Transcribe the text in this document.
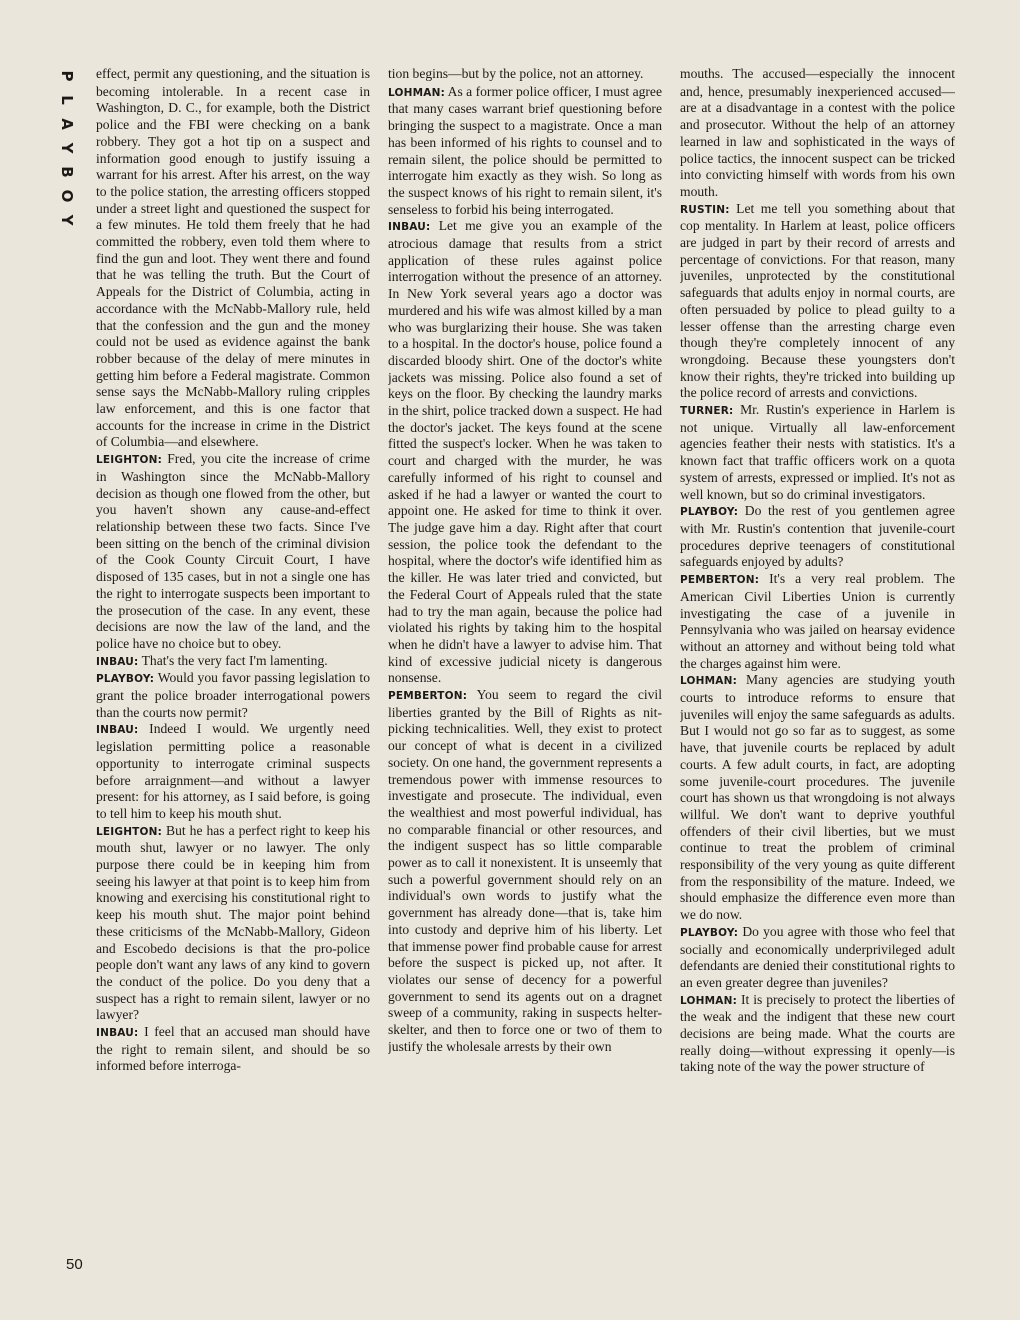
P
L
A
Y
B
O
Y

effect, permit any questioning, and the situation is becoming intolerable. In a recent case in Washington, D. C., for example, both the District police and the FBI were checking on a bank robbery. They got a hot tip on a suspect and information good enough to justify issuing a warrant for his arrest. After his arrest, on the way to the police station, the arresting officers stopped under a street light and questioned the suspect for a few minutes. He told them freely that he had committed the robbery, even told them where to find the gun and loot. They went there and found that he was telling the truth. But the Court of Appeals for the District of Columbia, acting in accordance with the McNabb-Mallory rule, held that the confession and the gun and the money could not be used as evidence against the bank robber because of the delay of mere minutes in getting him before a Federal magistrate. Common sense says the McNabb-Mallory ruling cripples law enforcement, and this is one factor that accounts for the increase in crime in the District of Columbia—and elsewhere.

LEIGHTON: Fred, you cite the increase of crime in Washington since the McNabb-Mallory decision as though one flowed from the other, but you haven't shown any cause-and-effect relationship between these two facts. Since I've been sitting on the bench of the criminal division of the Cook County Circuit Court, I have disposed of 135 cases, but in not a single one has the right to interrogate suspects been important to the prosecution of the case. In any event, these decisions are now the law of the land, and the police have no choice but to obey.

INBAU: That's the very fact I'm lamenting.

PLAYBOY: Would you favor passing legislation to grant the police broader interrogational powers than the courts now permit?

INBAU: Indeed I would. We urgently need legislation permitting police a reasonable opportunity to interrogate criminal suspects before arraignment—and without a lawyer present: for his attorney, as I said before, is going to tell him to keep his mouth shut.

LEIGHTON: But he has a perfect right to keep his mouth shut, lawyer or no lawyer. The only purpose there could be in keeping him from seeing his lawyer at that point is to keep him from knowing and exercising his constitutional right to keep his mouth shut. The major point behind these criticisms of the McNabb-Mallory, Gideon and Escobedo decisions is that the pro-police people don't want any laws of any kind to govern the conduct of the police. Do you deny that a suspect has a right to remain silent, lawyer or no lawyer?

INBAU: I feel that an accused man should have the right to remain silent, and should be so informed before interroga-

tion begins—but by the police, not an attorney.

LOHMAN: As a former police officer, I must agree that many cases warrant brief questioning before bringing the suspect to a magistrate. Once a man has been informed of his rights to counsel and to remain silent, the police should be permitted to interrogate him exactly as they wish. So long as the suspect knows of his right to remain silent, it's senseless to forbid his being interrogated.

INBAU: Let me give you an example of the atrocious damage that results from a strict application of these rules against police interrogation without the presence of an attorney. In New York several years ago a doctor was murdered and his wife was almost killed by a man who was burglarizing their house. She was taken to a hospital. In the doctor's house, police found a discarded bloody shirt. One of the doctor's white jackets was missing. Police also found a set of keys on the floor. By checking the laundry marks in the shirt, police tracked down a suspect. He had the doctor's jacket. The keys found at the scene fitted the suspect's locker. When he was taken to court and charged with the murder, he was carefully informed of his right to counsel and asked if he had a lawyer or wanted the court to appoint one. He asked for time to think it over. The judge gave him a day. Right after that court session, the police took the defendant to the hospital, where the doctor's wife identified him as the killer. He was later tried and convicted, but the Federal Court of Appeals ruled that the state had to try the man again, because the police had violated his rights by taking him to the hospital when he didn't have a lawyer to advise him. That kind of excessive judicial nicety is dangerous nonsense.

PEMBERTON: You seem to regard the civil liberties granted by the Bill of Rights as nit-picking technicalities. Well, they exist to protect our concept of what is decent in a civilized society. On one hand, the government represents a tremendous power with immense resources to investigate and prosecute. The individual, even the wealthiest and most powerful individual, has no comparable financial or other resources, and the indigent suspect has so little comparable power as to call it nonexistent. It is unseemly that such a powerful government should rely on an individual's own words to justify what the government has already done—that is, take him into custody and deprive him of his liberty. Let that immense power find probable cause for arrest before the suspect is picked up, not after. It violates our sense of decency for a powerful government to send its agents out on a dragnet sweep of a community, raking in suspects helter-skelter, and then to force one or two of them to justify the wholesale arrests by their own

mouths. The accused—especially the innocent and, hence, presumably inexperienced accused—are at a disadvantage in a contest with the police and prosecutor. Without the help of an attorney learned in law and sophisticated in the ways of police tactics, the innocent suspect can be tricked into convicting himself with words from his own mouth.

RUSTIN: Let me tell you something about that cop mentality. In Harlem at least, police officers are judged in part by their record of arrests and percentage of convictions. For that reason, many juveniles, unprotected by the constitutional safeguards that adults enjoy in normal courts, are often persuaded by police to plead guilty to a lesser offense than the arresting charge even though they're completely innocent of any wrongdoing. Because these youngsters don't know their rights, they're tricked into building up the police record of arrests and convictions.

TURNER: Mr. Rustin's experience in Harlem is not unique. Virtually all law-enforcement agencies feather their nests with statistics. It's a known fact that traffic officers work on a quota system of arrests, expressed or implied. It's not as well known, but so do criminal investigators.

PLAYBOY: Do the rest of you gentlemen agree with Mr. Rustin's contention that juvenile-court procedures deprive teenagers of constitutional safeguards enjoyed by adults?

PEMBERTON: It's a very real problem. The American Civil Liberties Union is currently investigating the case of a juvenile in Pennsylvania who was jailed on hearsay evidence without an attorney and without being told what the charges against him were.

LOHMAN: Many agencies are studying youth courts to introduce reforms to ensure that juveniles will enjoy the same safeguards as adults. But I would not go so far as to suggest, as some have, that juvenile courts be replaced by adult courts. A few adult courts, in fact, are adopting some juvenile-court procedures. The juvenile court has shown us that wrongdoing is not always willful. We don't want to deprive youthful offenders of their civil liberties, but we must continue to treat the problem of criminal responsibility of the very young as quite different from the responsibility of the mature. Indeed, we should emphasize the difference even more than we do now.

PLAYBOY: Do you agree with those who feel that socially and economically underprivileged adult defendants are denied their constitutional rights to an even greater degree than juveniles?

LOHMAN: It is precisely to protect the liberties of the weak and the indigent that these new court decisions are being made. What the courts are really doing—without expressing it openly—is taking note of the way the power structure of

50
